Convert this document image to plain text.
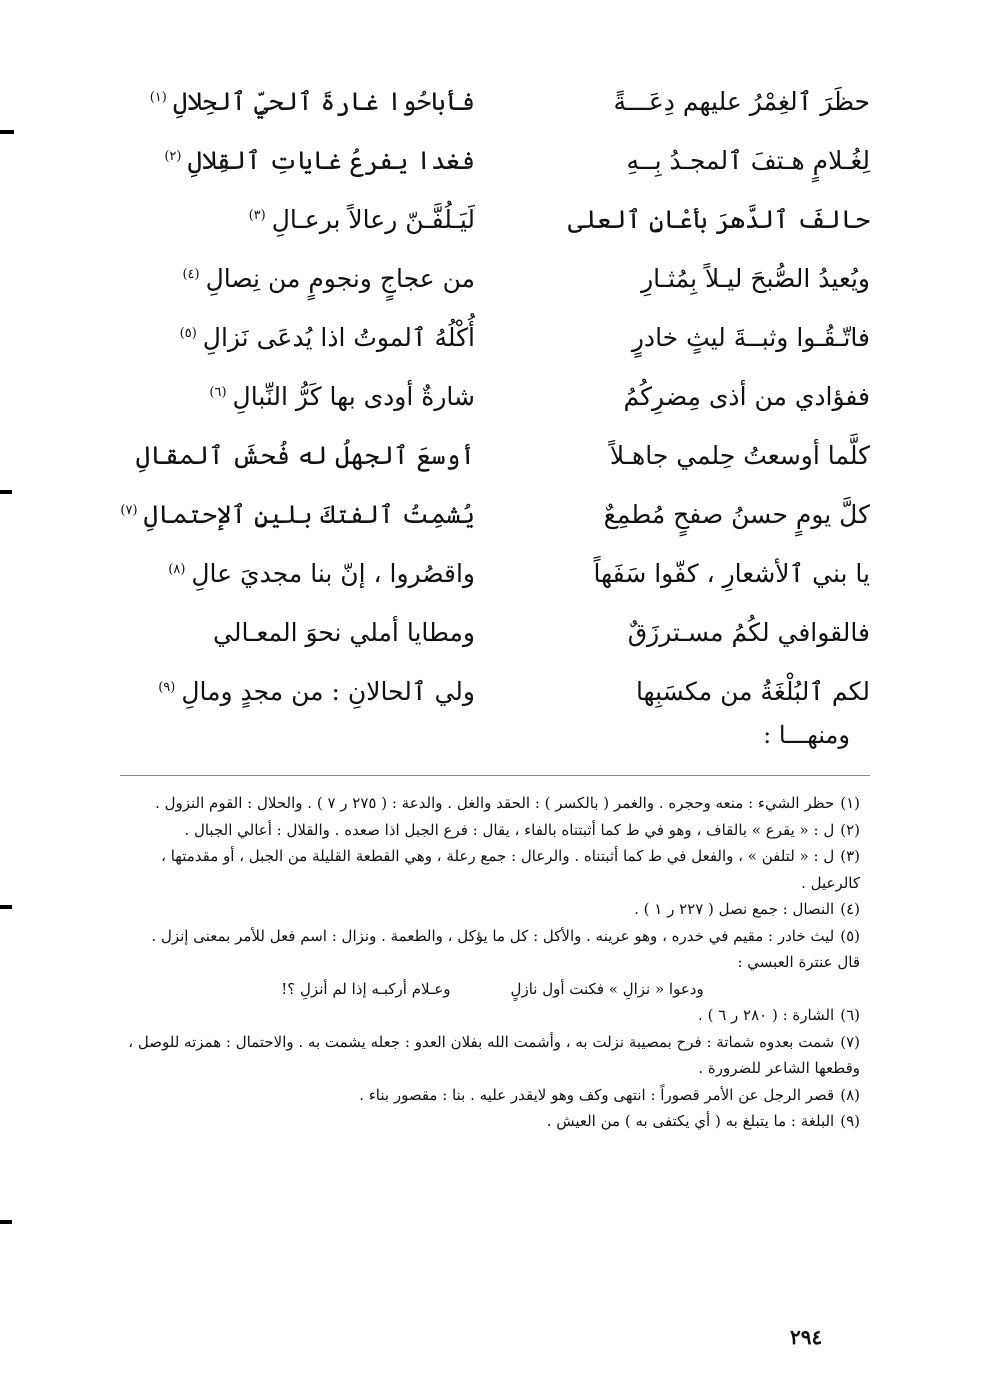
حظَرَ ٱلغِمْرُ عليهم دِعَـــةً
فأباحُوا غارةَ ٱلحيِّ ٱلحِلالِ$^{(١)}$
لِغُـلامٍ هـتفَ ٱلمجـدُ بِــهِ
فغدا يفرعُ غاياتِ ٱلقِلالِ$^{(٢)}$
حالفَ ٱلدَّهرَ بأعْانِ ٱلعلى
لَيَـلُفَّـنّ رعالاً برعـالِ$^{(٣)}$
ويُعيدُ الصُّبحَ ليـلاً بِمُثـارِ
من عجاجٍ ونجومٍ من نِصالِ$^{(٤)}$
فاتّـقُـوا وثبــةَ ليثٍ خادرٍ
أُكْلُهُ ٱلموتُ اذا يُدعَى نَزالِ$^{(٥)}$
ففؤادي من أذى مِضرِكُمُ
شارةٌ أودى بها كَرُّ النِّبالِ$^{(٦)}$
كلَّما أوسعتُ حِلمي جاهـلاً
أوسعَ ٱلجهلُ له فُحشَ ٱلمقالِ
كلَّ يومٍ حسنُ صفحٍ مُطمِعٌ
يُشمِتُ ٱلفتكَ بلينِ ٱلإحتمالِ$^{(٧)}$
يا بني ٱلأشعارِ ، كفّوا سَفَهاً
واقصُروا ، إنّ بنا مجديَ عالِ$^{(٨)}$
فالقوافي لكُمُ مسـترزَقٌ
ومطايا أملي نحوَ المعـالي
لكم ٱلبُلْغَةُ من مكسَبِها
ولي ٱلحالانِ : من مجدٍ ومالِ$^{(٩)}$
ومنهـــا :

(١)حظر الشيء : منعه وحجره . والغمر ( بالكسر ) : الحقد والغل . والدعة : ( ٢٧٥ ر ٧ ) . والحلال : القوم النزول .

(٢)ل : « يقرع » بالقاف ، وهو في ط كما أثبتناه بالفاء ، يقال : فرع الجبل اذا صعده . والقلال : أعالي الجبال .

(٣)ل : « لتلفن » ، والفعل في ط كما أثبتناه . والرعال : جمع رعلة ، وهي القطعة القليلة من الجبل ، أو مقدمتها ، كالرعيل .

(٤)النصال : جمع نصل ( ٢٢٧ ر ١ ) .

(٥)ليث خادر : مقيم في خدره ، وهو عرينه . والأكل : كل ما يؤكل ، والطعمة . ونزال : اسم فعل للأمر بمعنى إنزل . قال عنترة العبسي :

ودعوا « نزالِ » فكنت أول نازلٍ
وعـلام أركبـه إذا لم أنزلِ ؟!

(٦)الشارة : ( ٢٨٠ ر ٦ ) .

(٧)شمت بعدوه شماتة : فرح بمصيبة نزلت به ، وأشمت الله بفلان العدو : جعله يشمت به . والاحتمال : همزته للوصل ، وقطعها الشاعر للضرورة .

(٨)قصر الرجل عن الأمر قصوراً : انتهى وكف وهو لايقدر عليه . بنا : مقصور بناء .

(٩)البلغة : ما يتبلغ به ( أي يكتفى به ) من العيش .

٢٩٤
